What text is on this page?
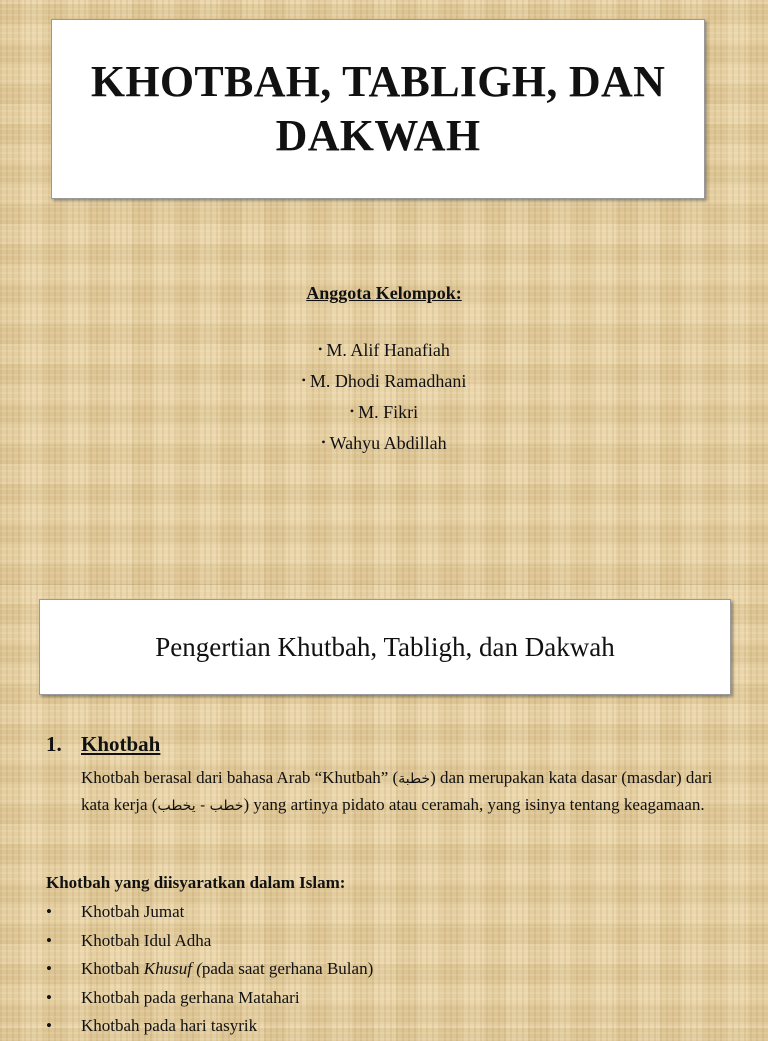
KHOTBAH, TABLIGH, DAN DAKWAH

Anggota Kelompok:

• M. Alif Hanafiah

• M. Dhodi Ramadhani

• M. Fikri

• Wahyu Abdillah

Pengertian Khutbah, Tabligh, dan Dakwah
1. Khotbah
Khotbah berasal dari bahasa Arab “Khutbah” (خطبة) dan merupakan kata dasar (masdar) dari kata kerja (خطب - يخطب) yang artinya pidato atau ceramah, yang isinya tentang keagamaan.
Khotbah yang diisyaratkan dalam Islam:
• Khotbah Jumat
• Khotbah Idul Adha
• Khotbah Khusuf (pada saat gerhana Bulan)
• Khotbah pada gerhana Matahari
• Khotbah pada hari tasyrik
